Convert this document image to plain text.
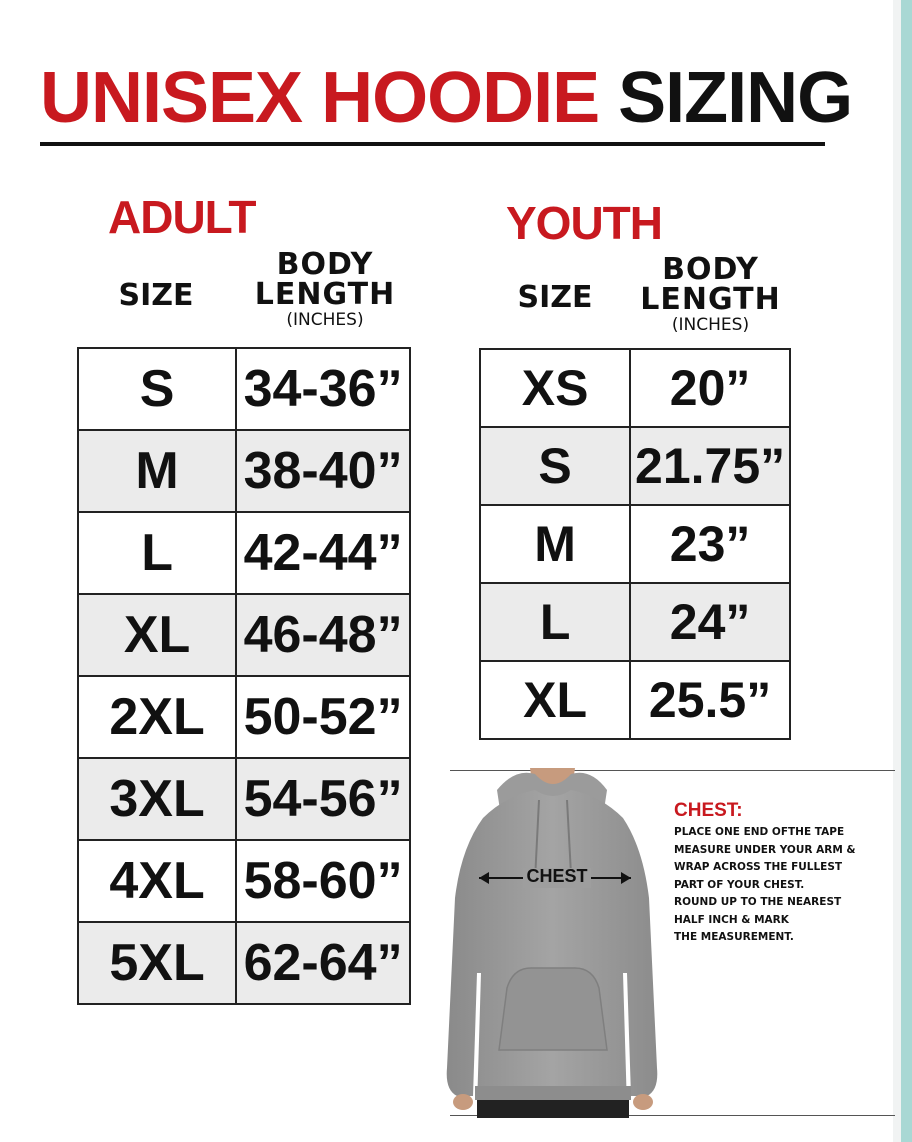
UNISEX HOODIE SIZING
ADULT
SIZE
BODY
LENGTH
(INCHES)
S	34-36”
M	38-40”
L	42-44”
XL	46-48”
2XL	50-52”
3XL	54-56”
4XL	58-60”
5XL	62-64”
YOUTH
SIZE
BODY
LENGTH
(INCHES)
XS	20”
S	21.75”
M	23”
L	24”
XL	25.5”
CHEST
CHEST:
PLACE ONE END OFTHE TAPE
MEASURE UNDER YOUR ARM &
WRAP ACROSS THE FULLEST
PART OF YOUR CHEST.
ROUND UP TO THE NEAREST
HALF INCH & MARK
THE MEASUREMENT.
